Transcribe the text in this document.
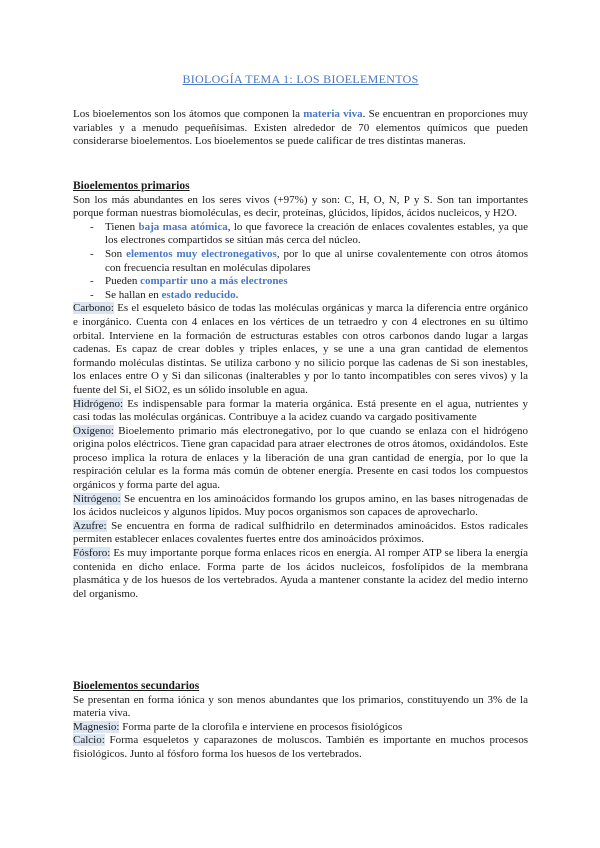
BIOLOGÍA TEMA 1: LOS BIOELEMENTOS

Los bioelementos son los átomos que componen la materia viva. Se encuentran en proporciones muy variables y a menudo pequeñísimas. Existen alrededor de 70 elementos químicos que pueden considerarse bioelementos. Los bioelementos se puede calificar de tres distintas maneras.

Bioelementos primarios

Son los más abundantes en los seres vivos (+97%) y son: C, H, O, N, P y S. Son tan importantes porque forman nuestras biomoléculas, es decir, proteínas, glúcidos, lípidos, ácidos nucleicos, y H2O.

- Tienen baja masa atómica, lo que favorece la creación de enlaces covalentes estables, ya que los electrones compartidos se sitúan más cerca del núcleo.
- Son elementos muy electronegativos, por lo que al unirse covalentemente con otros átomos con frecuencia resultan en moléculas dipolares
- Pueden compartir uno a más electrones
- Se hallan en estado reducido.

Carbono: Es el esqueleto básico de todas las moléculas orgánicas y marca la diferencia entre orgánico e inorgánico. Cuenta con 4 enlaces en los vértices de un tetraedro y con 4 electrones en su último orbital. Interviene en la formación de estructuras estables con otros carbonos dando lugar a largas cadenas. Es capaz de crear dobles y triples enlaces, y se une a una gran cantidad de elementos formando moléculas distintas. Se utiliza carbono y no silicio porque las cadenas de Si son inestables, los enlaces entre O y Si dan siliconas (inalterables y por lo tanto incompatibles con seres vivos) y la fuente del Si, el SiO2, es un sólido insoluble en agua.

Hidrógeno: Es indispensable para formar la materia orgánica. Está presente en el agua, nutrientes y casi todas las moléculas orgánicas. Contribuye a la acidez cuando va cargado positivamente

Oxígeno: Bioelemento primario más electronegativo, por lo que cuando se enlaza con el hidrógeno origina polos eléctricos. Tiene gran capacidad para atraer electrones de otros átomos, oxidándolos. Este proceso implica la rotura de enlaces y la liberación de una gran cantidad de energía, por lo que la respiración celular es la forma más común de obtener energía. Presente en casi todos los compuestos orgánicos y forma parte del agua.

Nitrógeno: Se encuentra en los aminoácidos formando los grupos amino, en las bases nitrogenadas de los ácidos nucleicos y algunos lípidos. Muy pocos organismos son capaces de aprovecharlo.

Azufre: Se encuentra en forma de radical sulfhidrilo en determinados aminoácidos. Estos radicales permiten establecer enlaces covalentes fuertes entre dos aminoácidos próximos.

Fósforo: Es muy importante porque forma enlaces ricos en energía. Al romper ATP se libera la energía contenida en dicho enlace. Forma parte de los ácidos nucleicos, fosfolípidos de la membrana plasmática y de los huesos de los vertebrados. Ayuda a mantener constante la acidez del medio interno del organismo.

Bioelementos secundarios

Se presentan en forma iónica y son menos abundantes que los primarios, constituyendo un 3% de la materia viva.

Magnesio: Forma parte de la clorofila e interviene en procesos fisiológicos

Calcio: Forma esqueletos y caparazones de moluscos. También es importante en muchos procesos fisiológicos. Junto al fósforo forma los huesos de los vertebrados.
